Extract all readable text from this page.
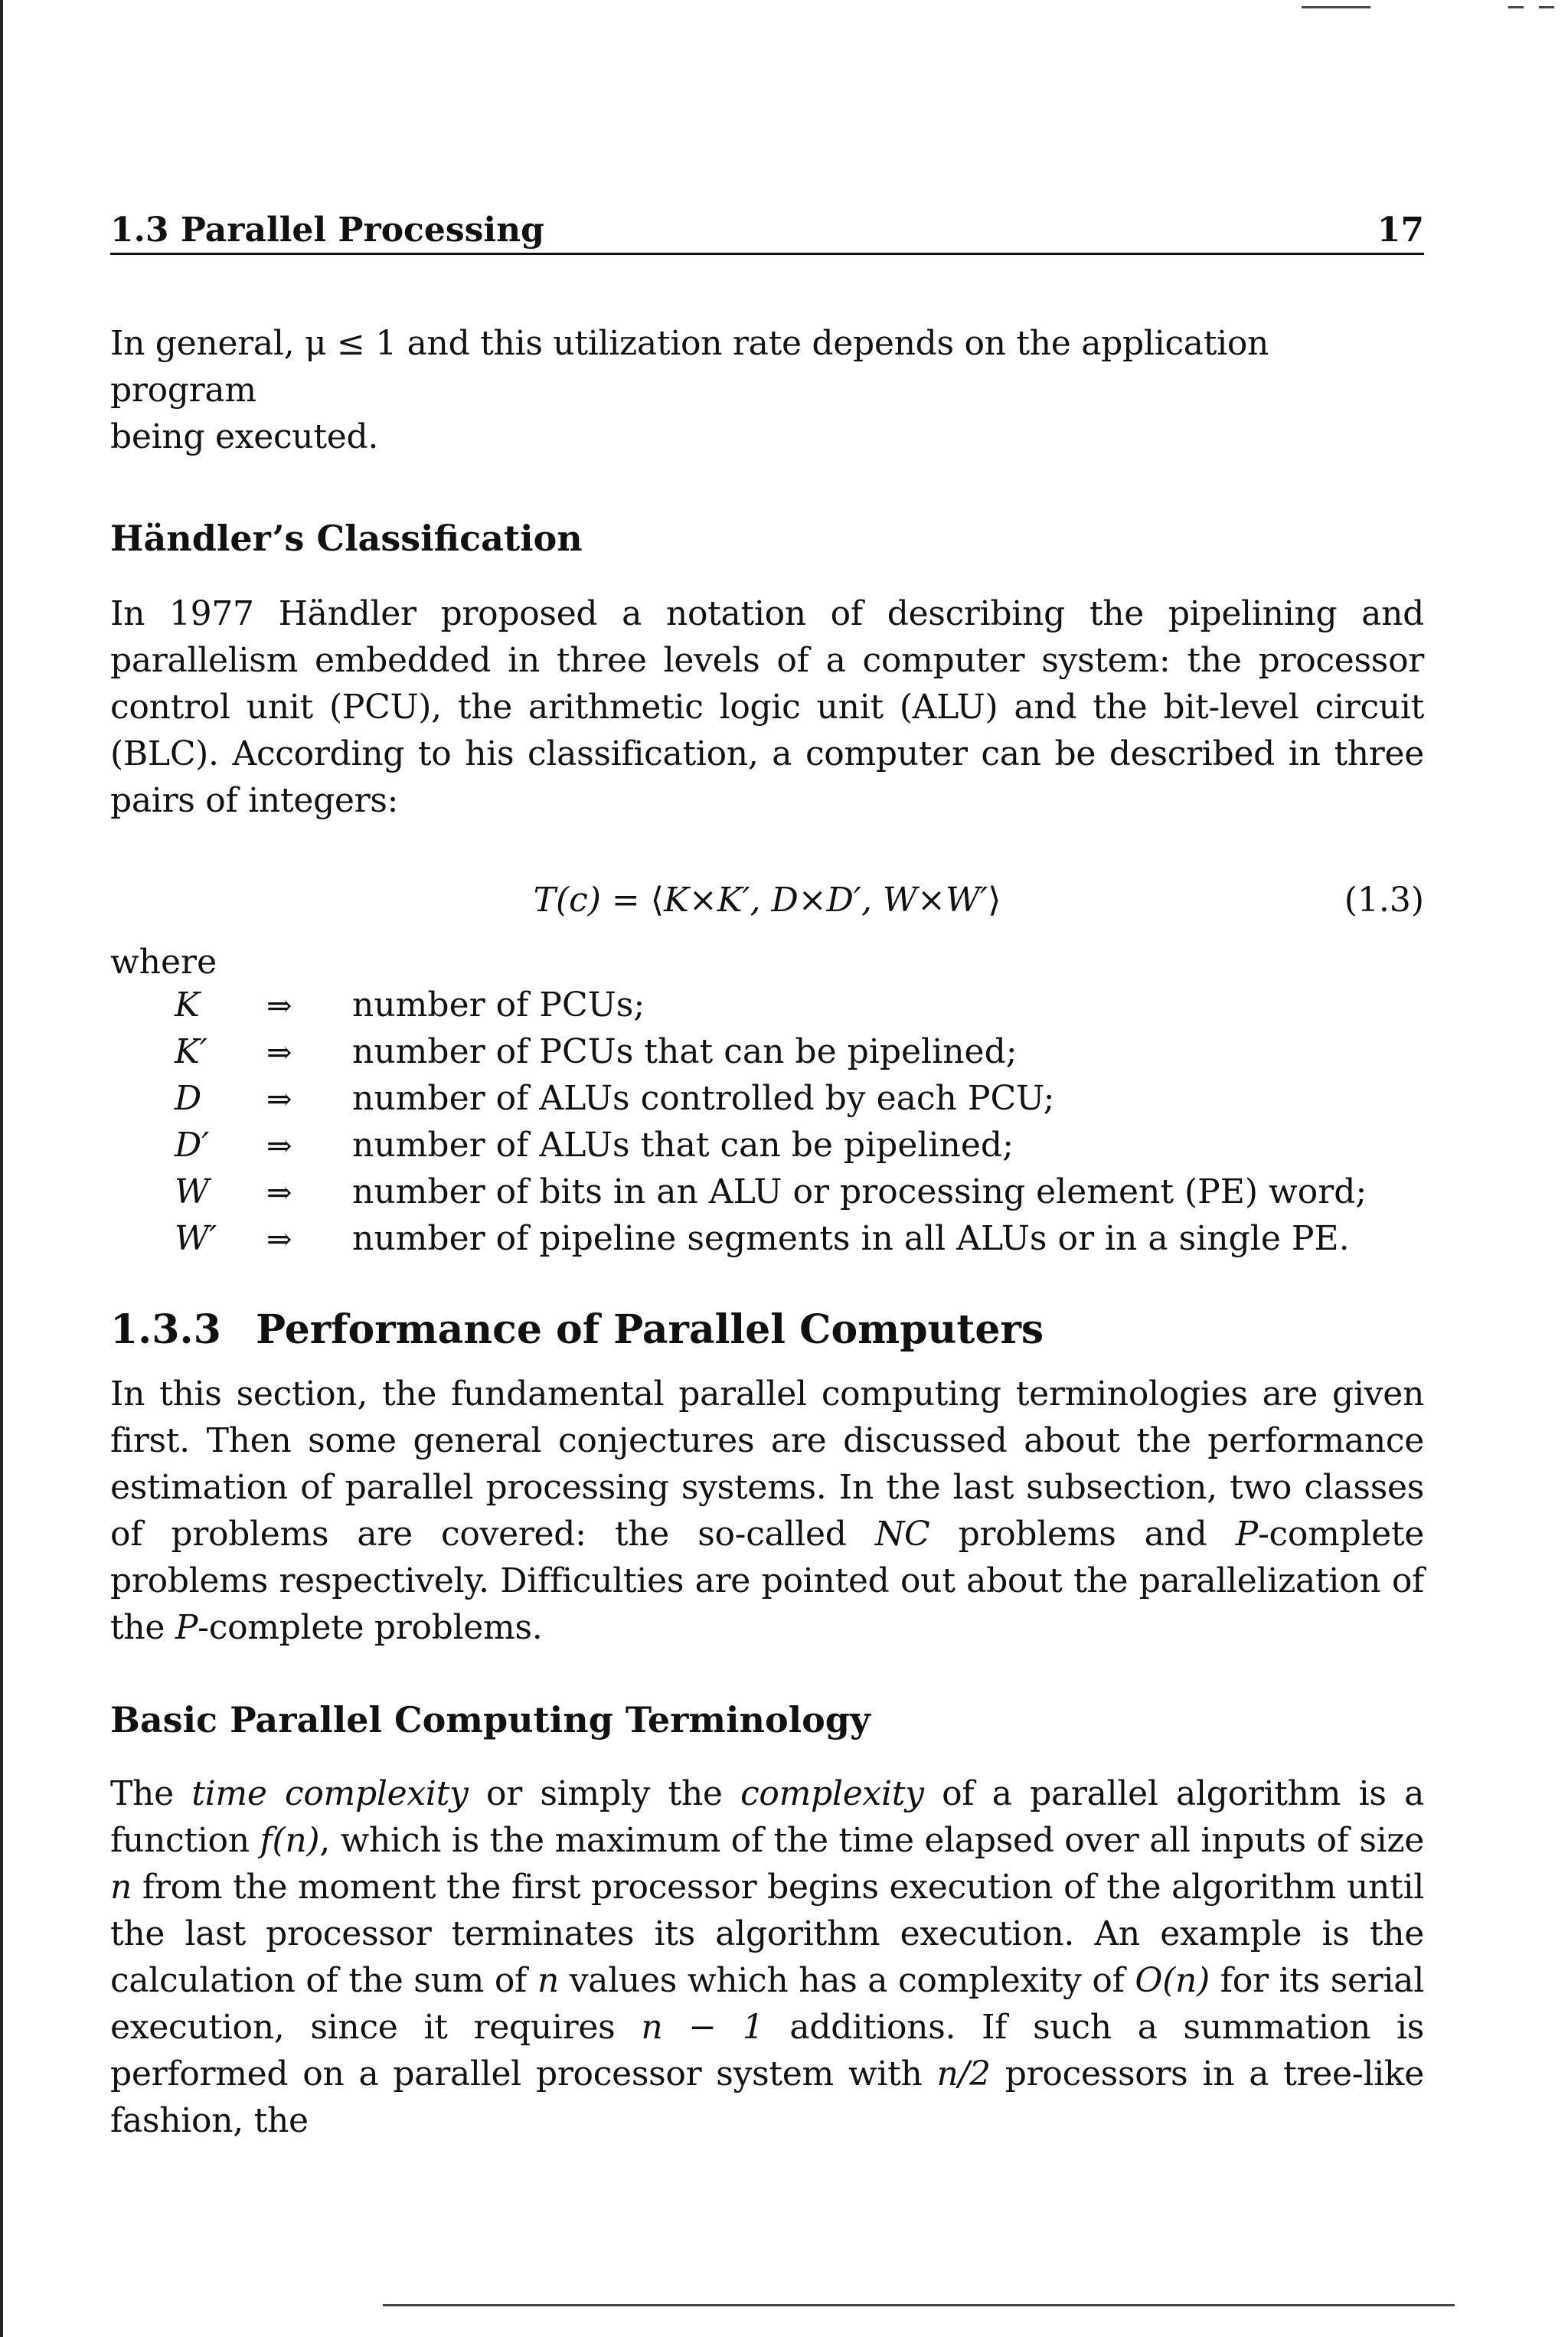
1.3 Parallel Processing	17

In general, μ ≤ 1 and this utilization rate depends on the application program
being executed.

Händler’s Classification

In 1977 Händler proposed a notation of describing the pipelining and parallelism embedded in three levels of a computer system: the processor control unit (PCU), the arithmetic logic unit (ALU) and the bit-level circuit (BLC). According to his classification, a computer can be described in three pairs of integers:

T(c) = ⟨K×K′, D×D′, W×W′⟩	(1.3)
where
K	⇒	number of PCUs;
K′	⇒	number of PCUs that can be pipelined;
D	⇒	number of ALUs controlled by each PCU;
D′	⇒	number of ALUs that can be pipelined;
W	⇒	number of bits in an ALU or processing element (PE) word;
W′	⇒	number of pipeline segments in all ALUs or in a single PE.
1.3.3 Performance of Parallel Computers

In this section, the fundamental parallel computing terminologies are given first. Then some general conjectures are discussed about the performance estimation of parallel processing systems. In the last subsection, two classes of problems are covered: the so-called NC problems and P-complete problems respectively. Difficulties are pointed out about the parallelization of the P-complete problems.

Basic Parallel Computing Terminology

The time complexity or simply the complexity of a parallel algorithm is a function f(n), which is the maximum of the time elapsed over all inputs of size n from the moment the first processor begins execution of the algorithm until the last processor terminates its algorithm execution. An example is the calculation of the sum of n values which has a complexity of O(n) for its serial execution, since it requires n − 1 additions. If such a summation is performed on a parallel processor system with n/2 processors in a tree-like fashion, the
